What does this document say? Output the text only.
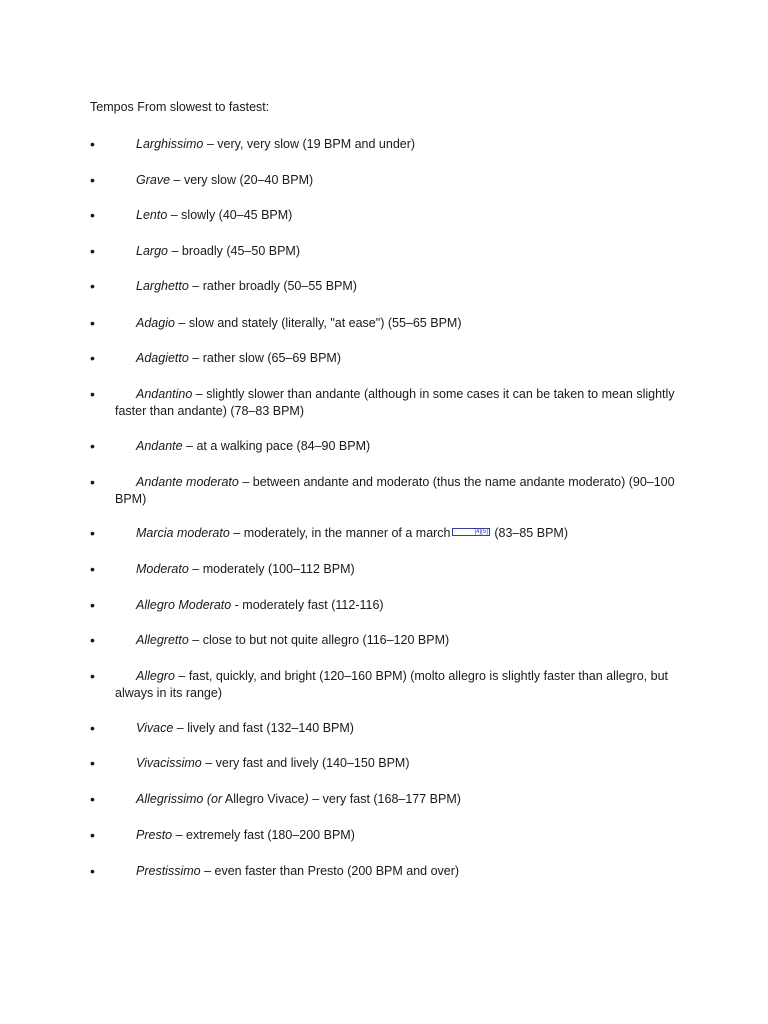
Tempos From slowest to fastest:
•	Larghissimo – very, very slow (19 BPM and under)
•	Grave – very slow (20–40 BPM)
•	Lento – slowly (40–45 BPM)
•	Largo – broadly (45–50 BPM)
•	Larghetto – rather broadly (50–55 BPM)
•	Adagio – slow and stately (literally, "at ease") (55–65 BPM)
•	Adagietto – rather slow (65–69 BPM)
•	Andantino – slightly slower than andante (although in some cases it can be taken to mean slightly faster than andante) (78–83 BPM)
•	Andante – at a walking pace (84–90 BPM)
•	Andante moderato – between andante and moderato (thus the name andante moderato) (90–100 BPM)
•	Marcia moderato – moderately, in the manner of a march	[4][5] (83–85 BPM)
•	Moderato – moderately (100–112 BPM)
•	Allegro Moderato - moderately fast (112-116)
•	Allegretto – close to but not quite allegro (116–120 BPM)
•	Allegro – fast, quickly, and bright (120–160 BPM) (molto allegro is slightly faster than allegro, but always in its range)
•	Vivace – lively and fast (132–140 BPM)
•	Vivacissimo – very fast and lively (140–150 BPM)
•	Allegrissimo (or Allegro Vivace) – very fast (168–177 BPM)
•	Presto – extremely fast (180–200 BPM)
•	Prestissimo – even faster than Presto (200 BPM and over)
